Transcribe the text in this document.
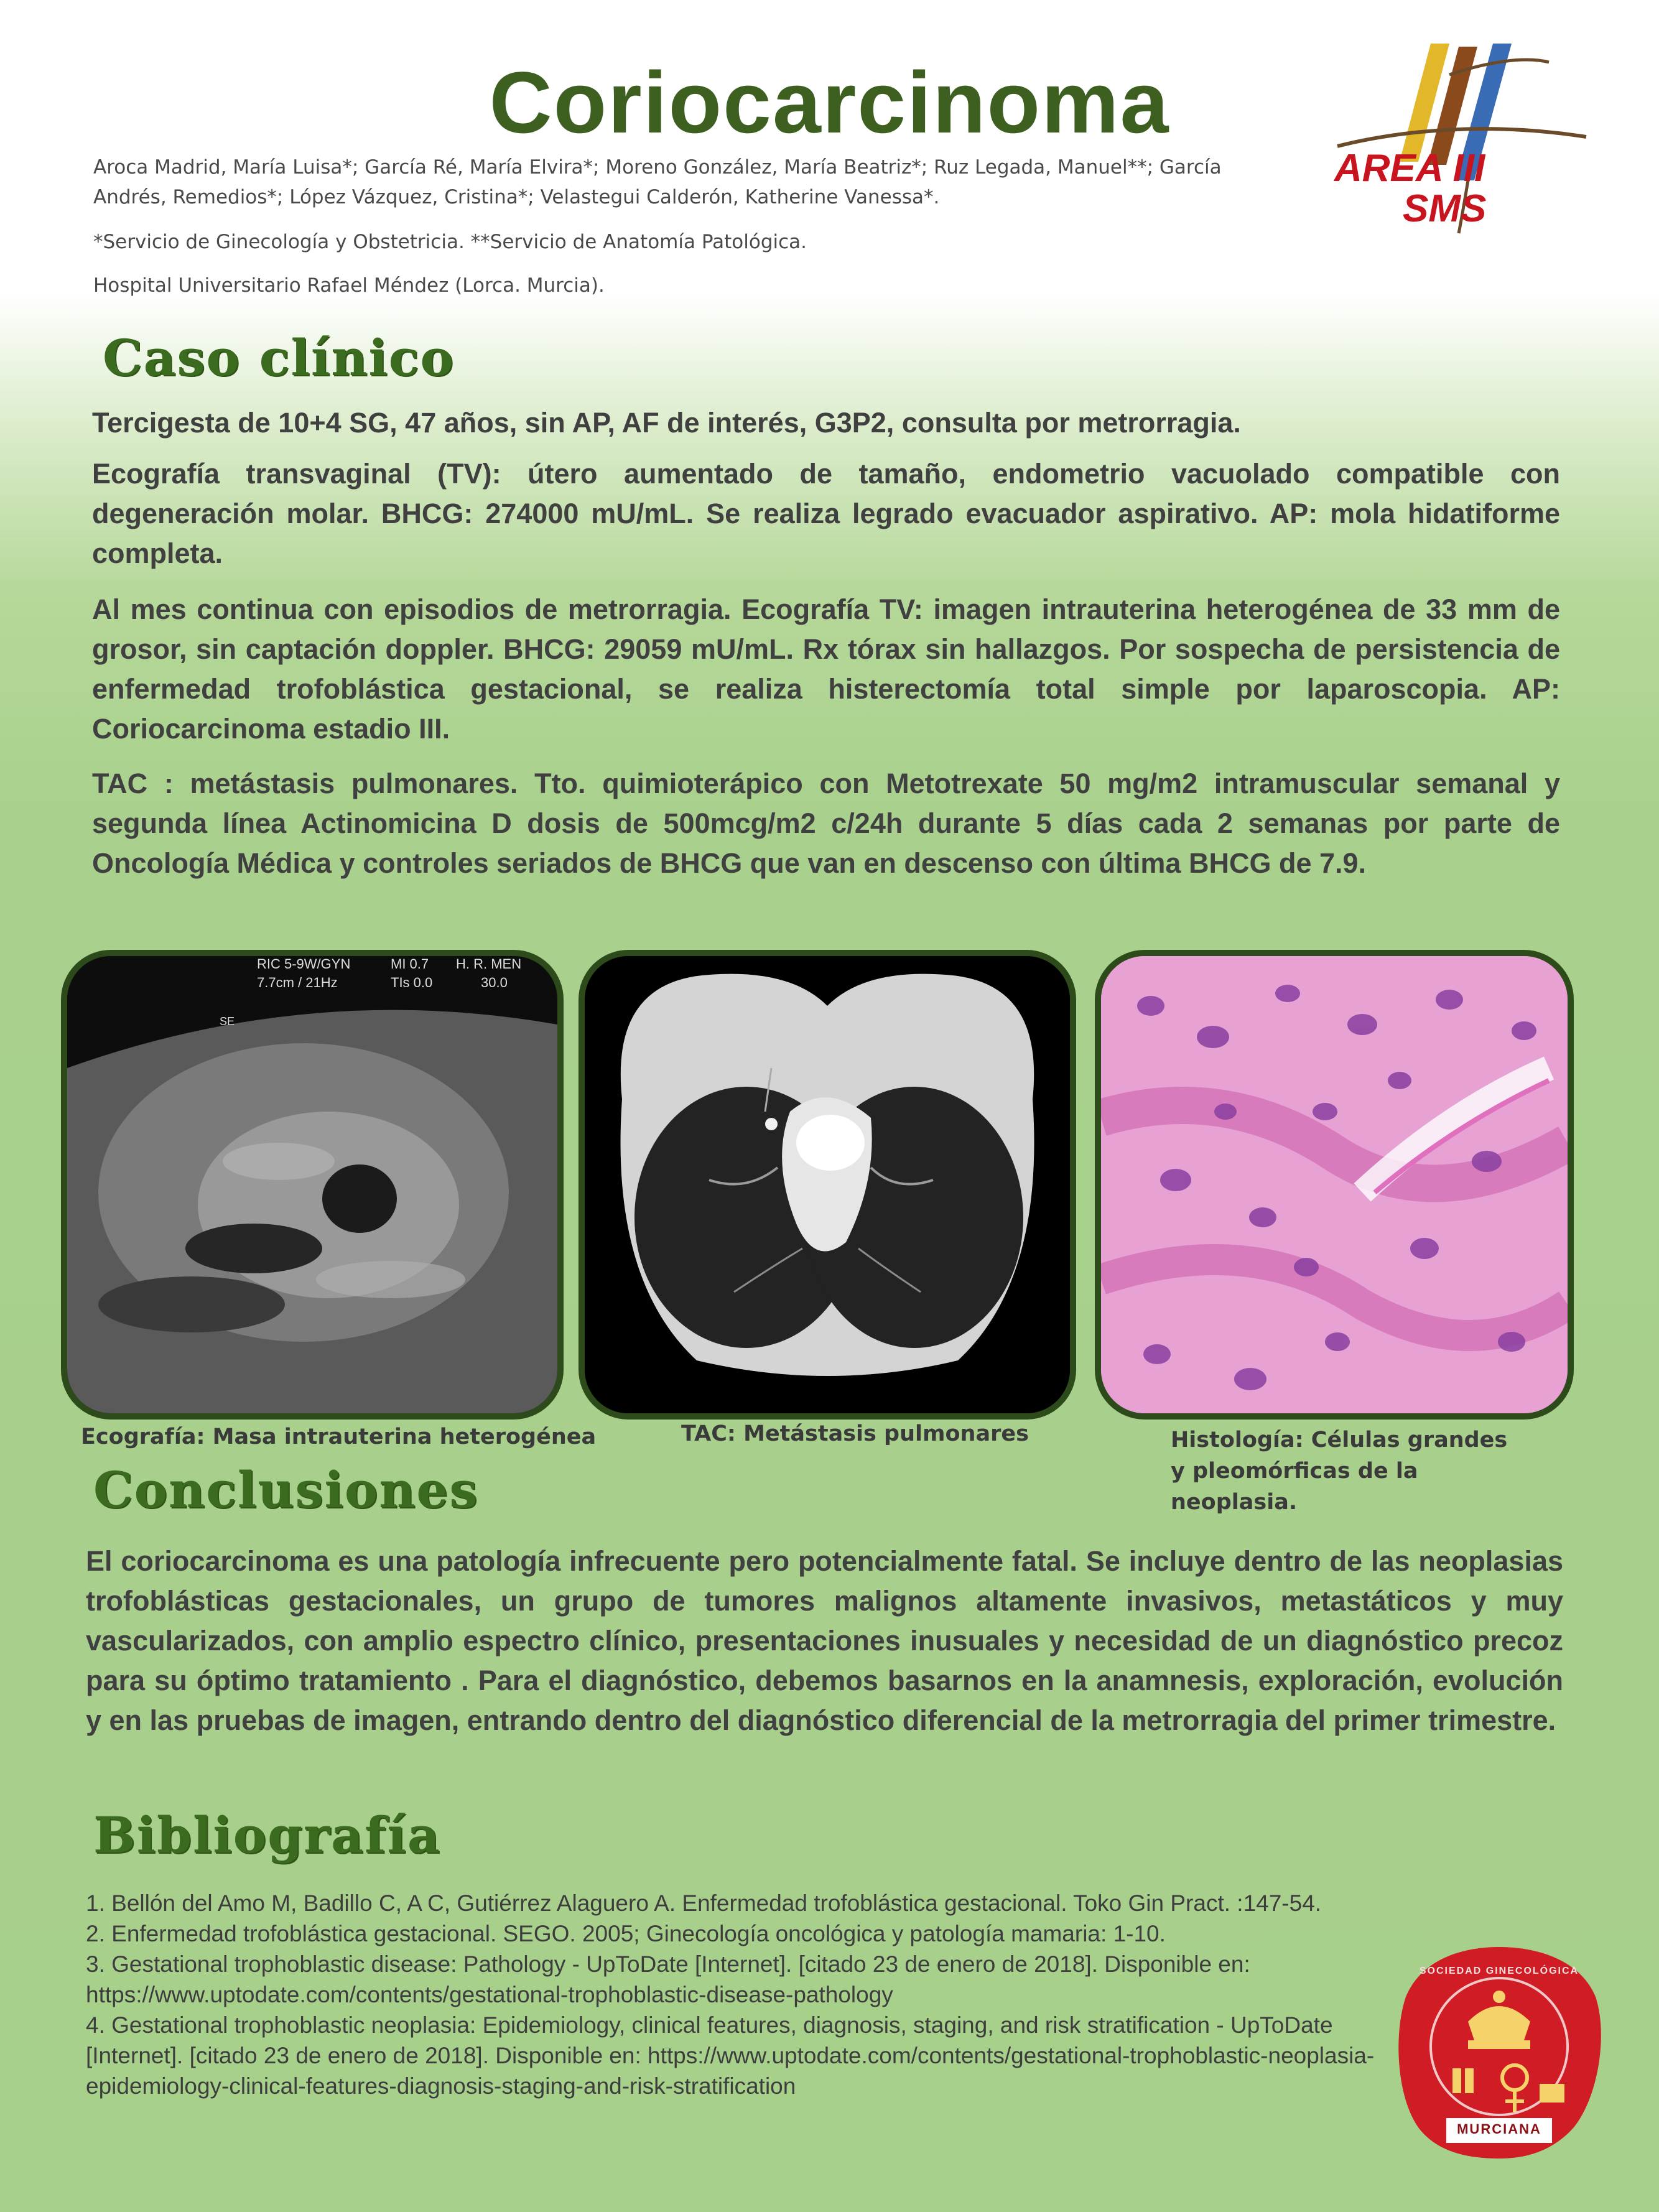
Coriocarcinoma
Aroca Madrid, María Luisa*; García Ré, María Elvira*; Moreno González, María Beatriz*; Ruz Legada, Manuel**; García Andrés, Remedios*; López Vázquez, Cristina*; Velastegui Calderón, Katherine Vanessa*.
*Servicio de Ginecología y Obstetricia. **Servicio de Anatomía Patológica.
Hospital Universitario Rafael Méndez (Lorca. Murcia).
AREA III
SMS
Caso clínico
Tercigesta de 10+4 SG, 47 años, sin AP, AF de interés, G3P2, consulta por metrorragia.
Ecografía transvaginal (TV): útero aumentado de tamaño, endometrio vacuolado compatible con degeneración molar. BHCG: 274000 mU/mL. Se realiza legrado evacuador aspirativo. AP: mola hidatiforme completa.
Al mes continua con episodios de metrorragia. Ecografía TV: imagen intrauterina heterogénea de 33 mm de grosor, sin captación doppler. BHCG: 29059 mU/mL. Rx tórax sin hallazgos. Por sospecha de persistencia de enfermedad trofoblástica gestacional, se realiza histerectomía total simple por laparoscopia. AP: Coriocarcinoma estadio III.
TAC : metástasis pulmonares. Tto. quimioterápico con Metotrexate 50 mg/m2 intramuscular semanal y segunda línea Actinomicina D dosis de 500mcg/m2 c/24h durante 5 días cada 2 semanas por parte de Oncología Médica y controles seriados de BHCG que van en descenso con última BHCG de 7.9.
RIC 5-9W/GYN	MI 0.7 H. R. MEN
7.7cm / 21Hz	TIs 0.0	30.0
SE
Ecografía: Masa intrauterina heterogénea	TAC: Metástasis pulmonares	Histología: Células grandes y pleomórficas de la neoplasia.
Conclusiones
El coriocarcinoma es una patología infrecuente pero potencialmente fatal. Se incluye dentro de las neoplasias trofoblásticas gestacionales, un grupo de tumores malignos altamente invasivos, metastáticos y muy vascularizados, con amplio espectro clínico, presentaciones inusuales y necesidad de un diagnóstico precoz para su óptimo tratamiento . Para el diagnóstico, debemos basarnos en la anamnesis, exploración, evolución y en las pruebas de imagen, entrando dentro del diagnóstico diferencial de la metrorragia del primer trimestre.
Bibliografía

1. Bellón del Amo M, Badillo C, A C, Gutiérrez Alaguero A. Enfermedad trofoblástica gestacional. Toko Gin Pract. :147-54.

2. Enfermedad trofoblástica gestacional. SEGO. 2005; Ginecología oncológica y patología mamaria: 1-10.

3. Gestational trophoblastic disease: Pathology - UpToDate [Internet]. [citado 23 de enero de 2018]. Disponible en: https://www.uptodate.com/contents/gestational-trophoblastic-disease-pathology

4. Gestational trophoblastic neoplasia: Epidemiology, clinical features, diagnosis, staging, and risk stratification - UpToDate [Internet]. [citado 23 de enero de 2018]. Disponible en: https://www.uptodate.com/contents/gestational-trophoblastic-neoplasia-epidemiology-clinical-features-diagnosis-staging-and-risk-stratification

MURCIANA
SOCIEDAD GINECOLÓGICA
